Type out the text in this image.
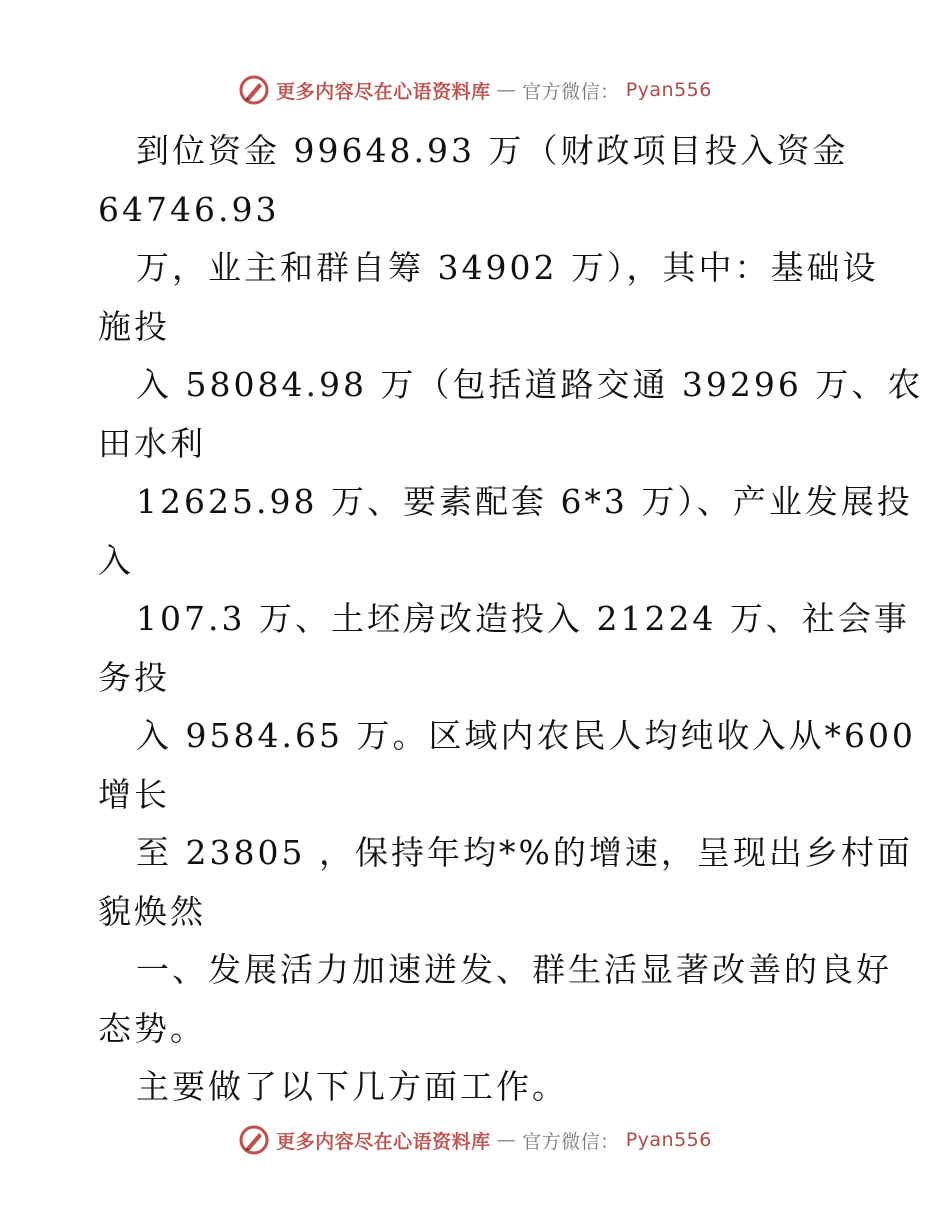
更多内容尽在心语资料库 — 官方微信： Pyan556
到位资金 99648.93 万（财政项目投入资金
64746.93
万，业主和群自筹 34902 万），其中：基础设
施投
入 58084.98 万（包括道路交通 39296 万、农
田水利
12625.98 万、要素配套 6*3 万）、产业发展投
入
107.3 万、土坯房改造投入 21224 万、社会事
务投
入 9584.65 万。区域内农民人均纯收入从*600
增长
至 23805 ，保持年均*%的增速，呈现出乡村面
貌焕然
一、发展活力加速迸发、群生活显著改善的良好
态势。
主要做了以下几方面工作。
更多内容尽在心语资料库 — 官方微信： Pyan556
